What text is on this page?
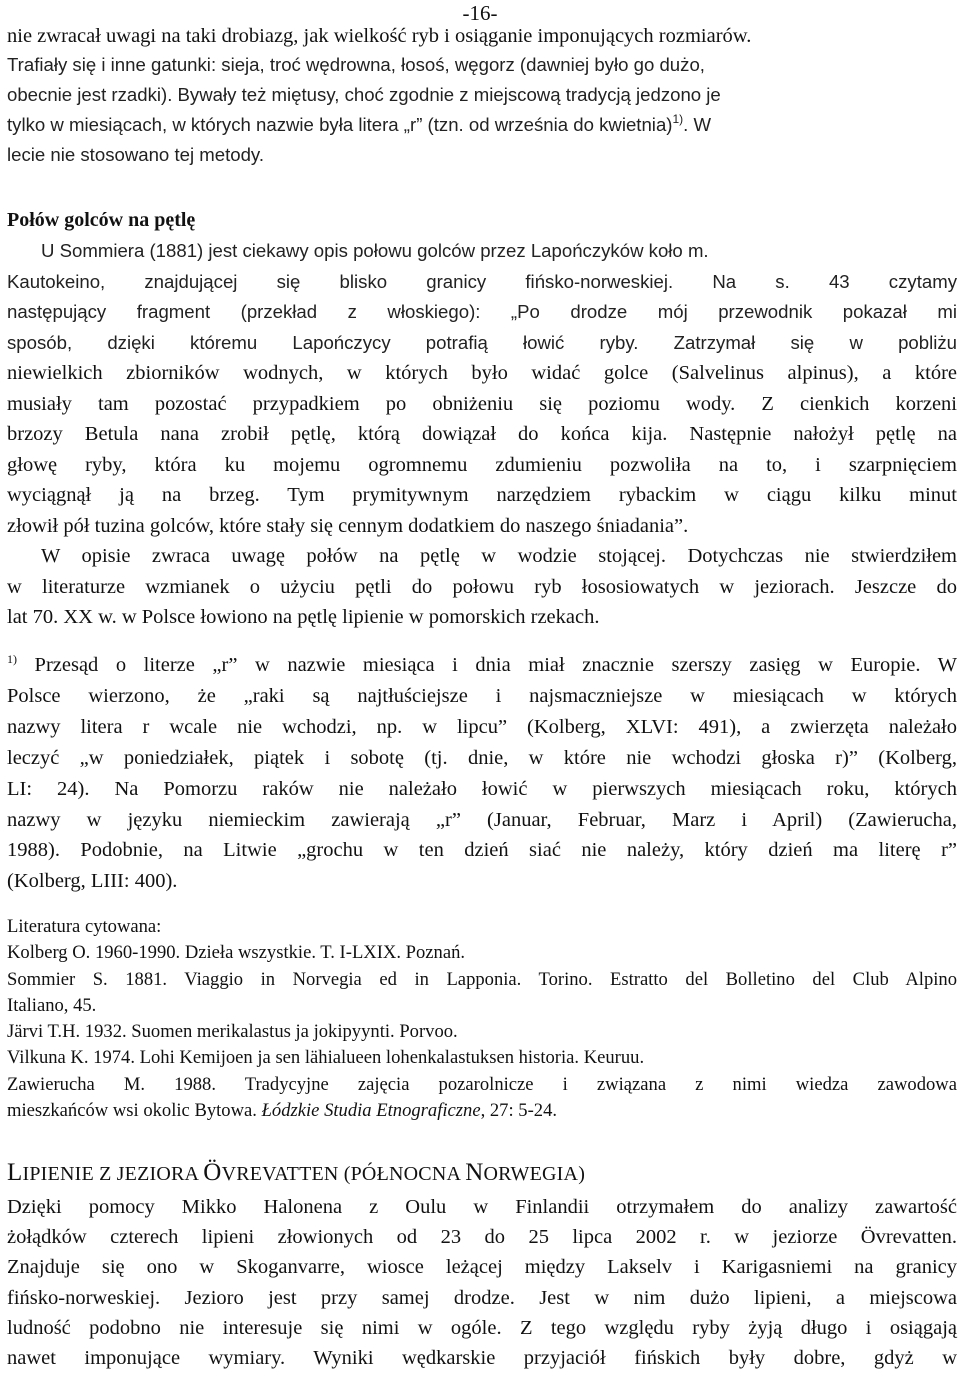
-16-
nie zwracał uwagi na taki drobiazg, jak wielkość ryb i osiąganie imponujących rozmiarów.
Trafiały się i inne gatunki: sieja, troć wędrowna, łosoś, węgorz (dawniej było go dużo,
obecnie jest rzadki). Bywały też miętusy, choć zgodnie z miejscową tradycją jedzono je
tylko w miesiącach, w których nazwie była litera „r” (tzn. od września do kwietnia)$^{1)}$. W
lecie nie stosowano tej metody.
Połów golców na pętlę
U Sommiera (1881) jest ciekawy opis połowu golców przez Lapończyków koło m.
Kautokeino, znajdującej się blisko granicy fińsko-norweskiej. Na s. 43 czytamy
następujący fragment (przekład z włoskiego): „Po drodze mój przewodnik pokazał mi
sposób, dzięki któremu Lapończycy potrafią łowić ryby. Zatrzymał się w pobliżu
niewielkich zbiorników wodnych, w których było widać golce (Salvelinus alpinus), a które
musiały tam pozostać przypadkiem po obniżeniu się poziomu wody. Z cienkich korzeni
brzozy Betula nana zrobił pętlę, którą dowiązał do końca kija. Następnie nałożył pętlę na
głowę ryby, która ku mojemu ogromnemu zdumieniu pozwoliła na to, i szarpnięciem
wyciągnął ją na brzeg. Tym prymitywnym narzędziem rybackim w ciągu kilku minut
złowił pół tuzina golców, które stały się cennym dodatkiem do naszego śniadania”.
W opisie zwraca uwagę połów na pętlę w wodzie stojącej. Dotychczas nie stwierdziłem
w literaturze wzmianek o użyciu pętli do połowu ryb łososiowatych w jeziorach. Jeszcze do
lat 70. XX w. w Polsce łowiono na pętlę lipienie w pomorskich rzekach.
$^{1)}$ Przesąd o literze „r” w nazwie miesiąca i dnia miał znacznie szerszy zasięg w Europie. W
Polsce wierzono, że „raki są najtłuściejsze i najsmaczniejsze w miesiącach w których
nazwy litera r wcale nie wchodzi, np. w lipcu” (Kolberg, XLVI: 491), a zwierzęta należało
leczyć „w poniedziałek, piątek i sobotę (tj. dnie, w które nie wchodzi głoska r)” (Kolberg,
LI: 24). Na Pomorzu raków nie należało łowić w pierwszych miesiącach roku, których
nazwy w języku niemieckim zawierają „r” (Januar, Februar, Marz i April) (Zawierucha,
1988). Podobnie, na Litwie „grochu w ten dzień siać nie należy, który dzień ma literę r”
(Kolberg, LIII: 400).
Literatura cytowana:
Kolberg O. 1960-1990. Dzieła wszystkie. T. I-LXIX. Poznań.
Sommier S. 1881. Viaggio in Norvegia ed in Lapponia. Torino. Estratto del Bolletino del Club Alpino
Italiano, 45.
Järvi T.H. 1932. Suomen merikalastus ja jokipyynti. Porvoo.
Vilkuna K. 1974. Lohi Kemijoen ja sen lähialueen lohenkalastuksen historia. Keuruu.
Zawierucha M. 1988. Tradycyjne zajęcia pozarolnicze i związana z nimi wiedza zawodowa
mieszkańców wsi okolic Bytowa. Łódzkie Studia Etnograficzne, 27: 5-24.
LIPIENIE Z JEZIORA ÖVREVATTEN (PÓŁNOCNA NORWEGIA)
Dzięki pomocy Mikko Halonena z Oulu w Finlandii otrzymałem do analizy zawartość
żołądków czterech lipieni złowionych od 23 do 25 lipca 2002 r. w jeziorze Övrevatten.
Znajduje się ono w Skoganvarre, wiosce leżącej między Lakselv i Karigasniemi na granicy
fińsko-norweskiej. Jezioro jest przy samej drodze. Jest w nim dużo lipieni, a miejscowa
ludność podobno nie interesuje się nimi w ogóle. Z tego względu ryby żyją długo i osiągają
nawet imponujące wymiary. Wyniki wędkarskie przyjaciół fińskich były dobre, gdyż w
